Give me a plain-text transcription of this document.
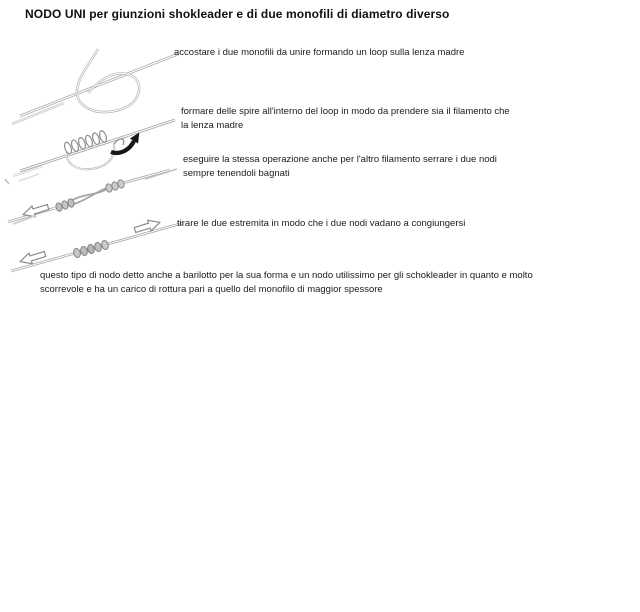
NODO UNI per giunzioni shokleader e di due monofili di diametro diverso
accostare i due monofili da unire formando un loop sulla lenza madre
formare delle spire all'interno del loop in modo da prendere sia il filamento che
la lenza madre
eseguire la stessa operazione anche per l'altro filamento serrare i due nodi
sempre tenendoli bagnati
tirare le due estremita in modo che i due nodi vadano a congiungersi
questo tipo di nodo detto anche a barilotto per la sua forma e un nodo utilissimo per gli schokleader in quanto e molto
scorrevole e ha un carico di rottura pari a quello del monofilo di maggior spessore
